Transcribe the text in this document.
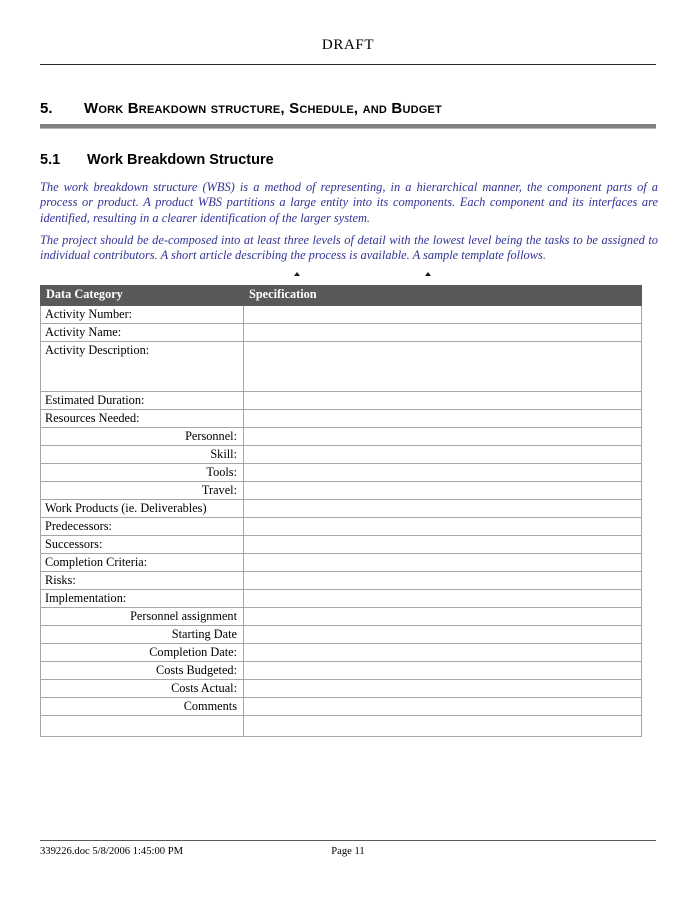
DRAFT
5.	Work Breakdown structure, Schedule, and Budget
5.1	Work Breakdown Structure
The work breakdown structure (WBS) is a method of representing, in a hierarchical manner, the component parts of a process or product. A product WBS partitions a large entity into its components. Each component and its interfaces are identified, resulting in a clearer identification of the larger system.
The project should be de-composed into at least three levels of detail with the lowest level being the tasks to be assigned to individual contributors. A short article describing the process is available. A sample template follows.
Data Category	Specification
Activity Number:	
Activity Name:	
Activity Description:	
Estimated Duration:	
Resources Needed:	
Personnel:	
Skill:	
Tools:	
Travel:	
Work Products (ie. Deliverables)	
Predecessors:	
Successors:	
Completion Criteria:	
Risks:	
Implementation:	
Personnel assignment	
Starting Date	
Completion Date:	
Costs Budgeted:	
Costs Actual:	
Comments	

339226.doc 5/8/2006 1:45:00 PM	Page 11
